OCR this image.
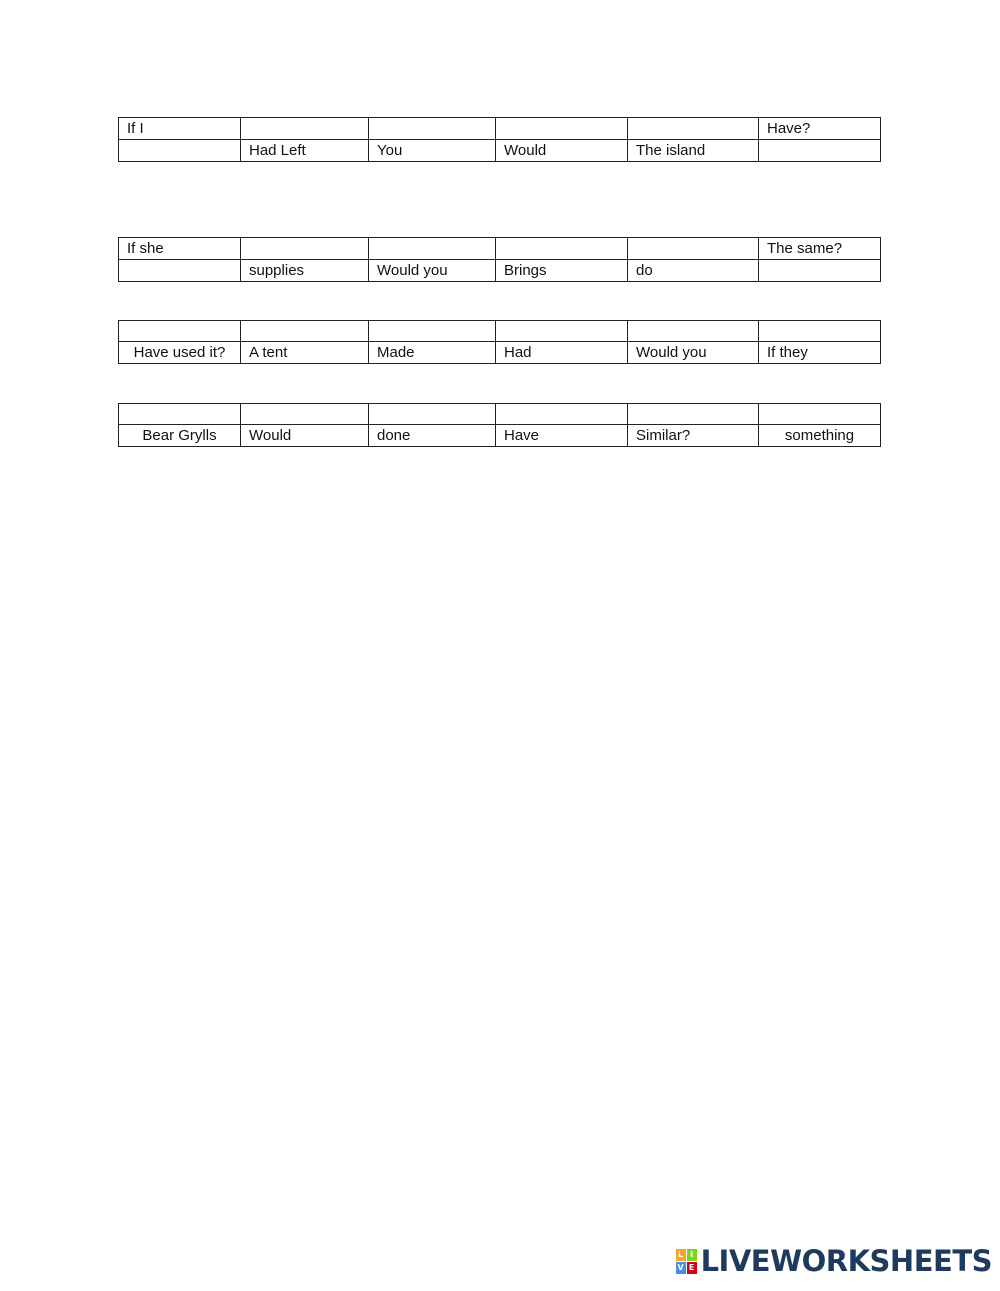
If I					Have?
	Had Left	You	Would	The island	
If she					The same?
	supplies	Would you	Brings	do	

Have used it?	A tent	Made	Had	Would you	If they

Bear Grylls	Would	done	Have	Similar?	something
L I
V E LIVEWORKSHEETS
